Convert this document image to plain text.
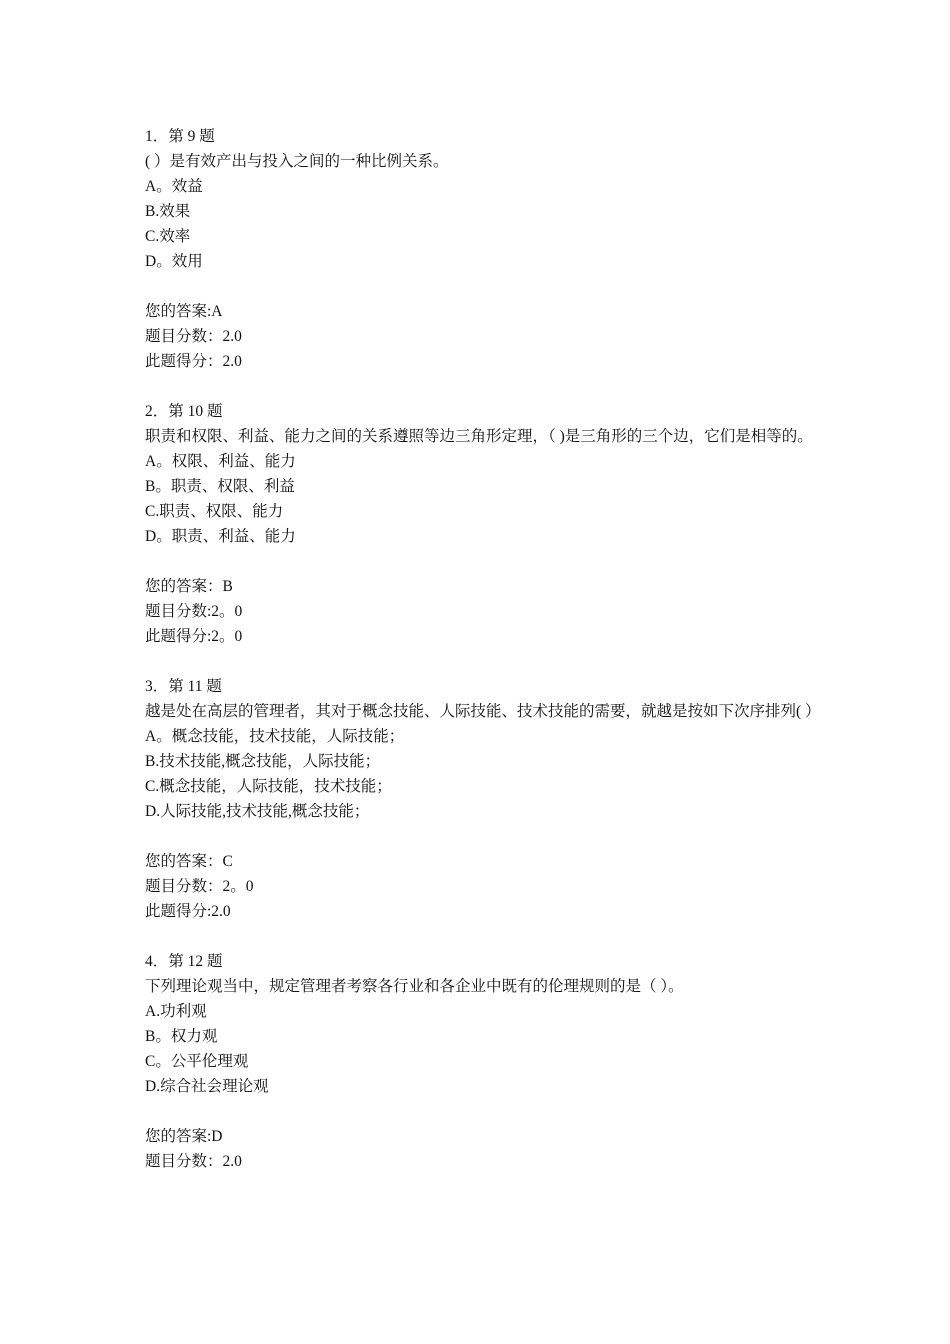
1．第 9 题

( ）是有效产出与投入之间的一种比例关系。

A。效益

B.效果

C.效率

D。效用

您的答案:A

题目分数：2.0

此题得分：2.0

2．第 10 题

职责和权限、利益、能力之间的关系遵照等边三角形定理，（ )是三角形的三个边，它们是相等的。

A。权限、利益、能力

B。职责、权限、利益

C.职责、权限、能力

D。职责、利益、能力

您的答案：B

题目分数:2。0

此题得分:2。0

3．第 11 题

越是处在高层的管理者，其对于概念技能、人际技能、技术技能的需要，就越是按如下次序排列( ）

A。概念技能，技术技能，人际技能；

B.技术技能,概念技能，人际技能；

C.概念技能，人际技能，技术技能；

D.人际技能,技术技能,概念技能；

您的答案：C

题目分数：2。0

此题得分:2.0

4．第 12 题

下列理论观当中，规定管理者考察各行业和各企业中既有的伦理规则的是（ ）。

A.功利观

B。权力观

C。公平伦理观

D.综合社会理论观

您的答案:D

题目分数：2.0
